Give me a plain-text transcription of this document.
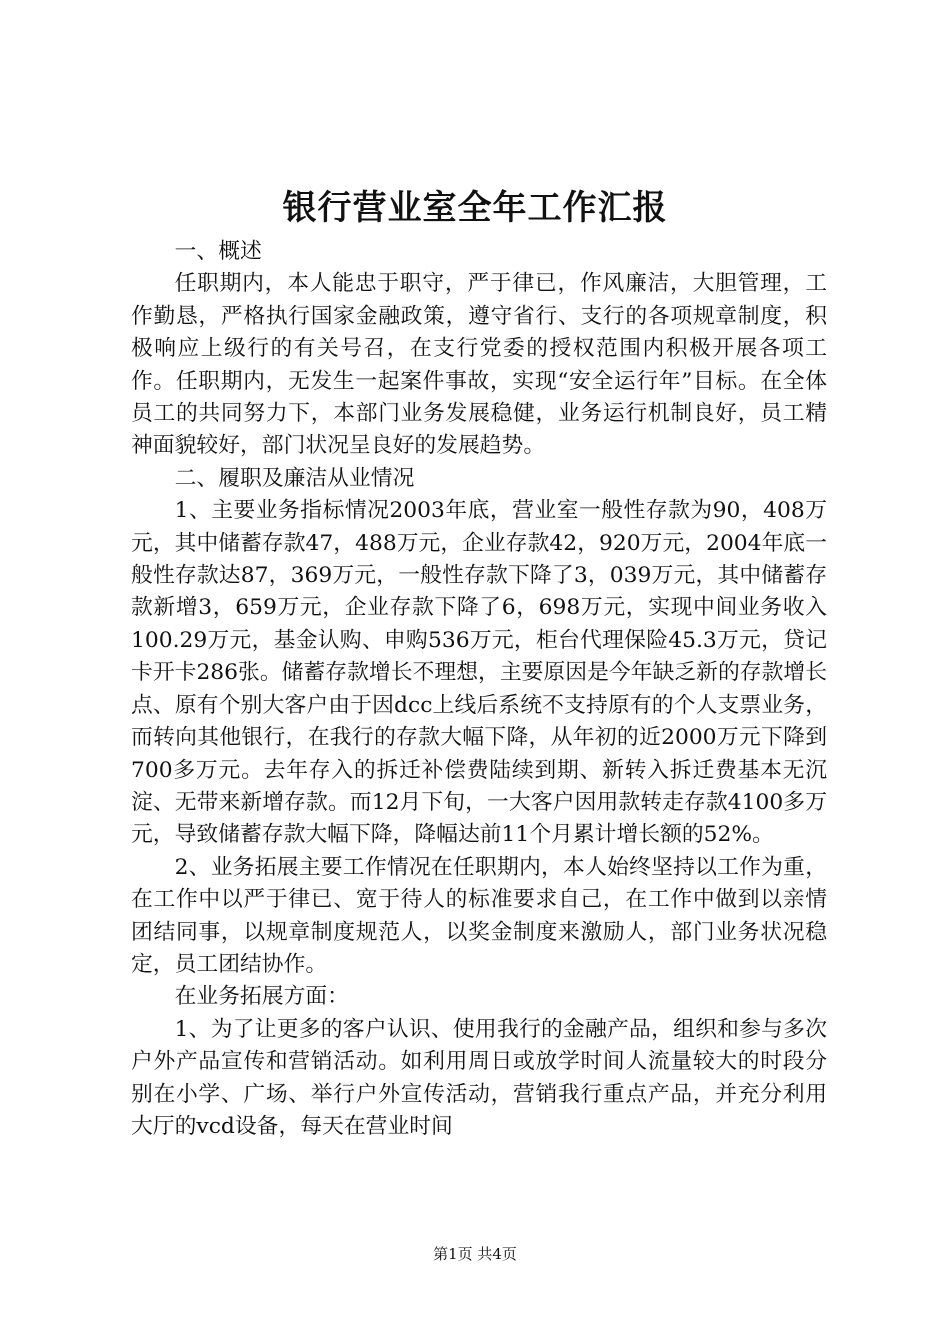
银行营业室全年工作汇报

一、概述

任职期内，本人能忠于职守，严于律已，作风廉洁，大胆管理，工作勤恳，严格执行国家金融政策，遵守省行、支行的各项规章制度，积极响应上级行的有关号召，在支行党委的授权范围内积极开展各项工作。任职期内，无发生一起案件事故，实现“安全运行年”目标。在全体员工的共同努力下，本部门业务发展稳健，业务运行机制良好，员工精神面貌较好，部门状况呈良好的发展趋势。

二、履职及廉洁从业情况

1、主要业务指标情况2003年底，营业室一般性存款为90，408万元，其中储蓄存款47，488万元，企业存款42，920万元，2004年底一般性存款达87，369万元，一般性存款下降了3，039万元，其中储蓄存款新增3，659万元，企业存款下降了6，698万元，实现中间业务收入100.29万元，基金认购、申购536万元，柜台代理保险45.3万元，贷记卡开卡286张。储蓄存款增长不理想，主要原因是今年缺乏新的存款增长点、原有个别大客户由于因dcc上线后系统不支持原有的个人支票业务，而转向其他银行，在我行的存款大幅下降，从年初的近2000万元下降到700多万元。去年存入的拆迁补偿费陆续到期、新转入拆迁费基本无沉淀、无带来新增存款。而12月下旬，一大客户因用款转走存款4100多万元，导致储蓄存款大幅下降，降幅达前11个月累计增长额的52%。

2、业务拓展主要工作情况在任职期内，本人始终坚持以工作为重，在工作中以严于律已、宽于待人的标准要求自己，在工作中做到以亲情团结同事，以规章制度规范人，以奖金制度来激励人，部门业务状况稳定，员工团结协作。

在业务拓展方面：

1、为了让更多的客户认识、使用我行的金融产品，组织和参与多次户外产品宣传和营销活动。如利用周日或放学时间人流量较大的时段分别在小学、广场、举行户外宣传活动，营销我行重点产品，并充分利用大厅的vcd设备，每天在营业时间

第1页 共4页
